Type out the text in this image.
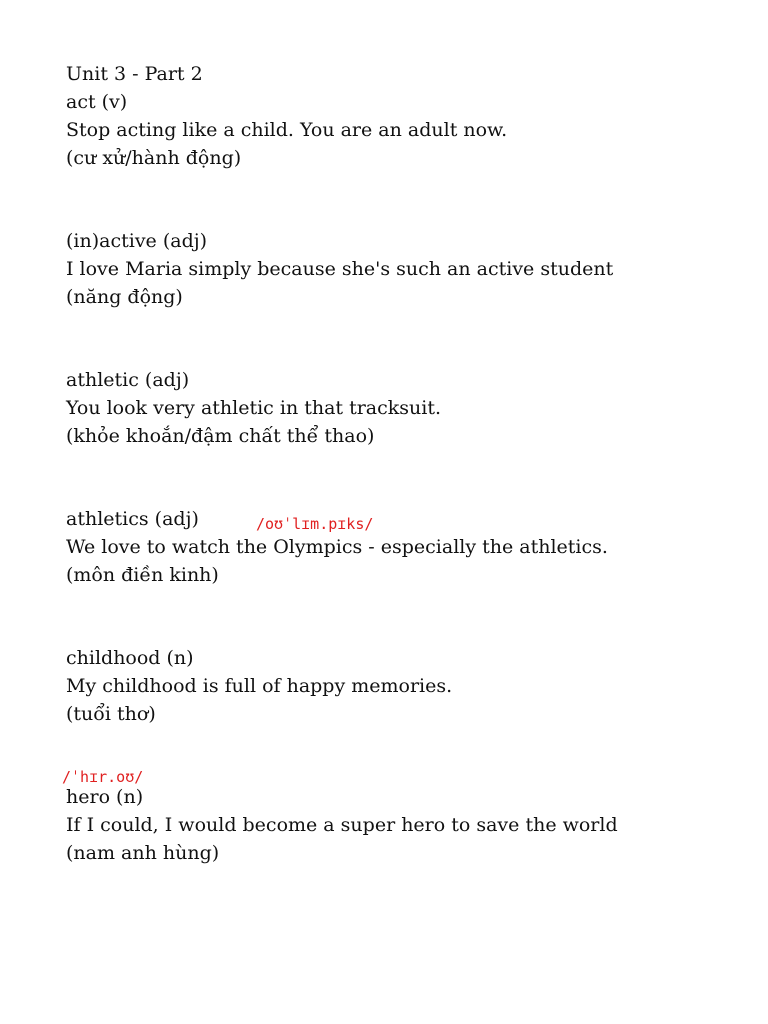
Unit 3 - Part 2
act (v)
Stop acting like a child. You are an adult now.
(cư xử/hành động)
(in)active (adj)
I love Maria simply because she's such an active student
(năng động)
athletic (adj)
You look very athletic in that tracksuit.
(khỏe khoắn/đậm chất thể thao)
athletics (adj)	/oʊˈlɪm.pɪks/
We love to watch the Olympics - especially the athletics.
(môn điền kinh)
childhood (n)
My childhood is full of happy memories.
(tuổi thơ)
/ˈhɪr.oʊ/
hero (n)
If I could, I would become a super hero to save the world
(nam anh hùng)
